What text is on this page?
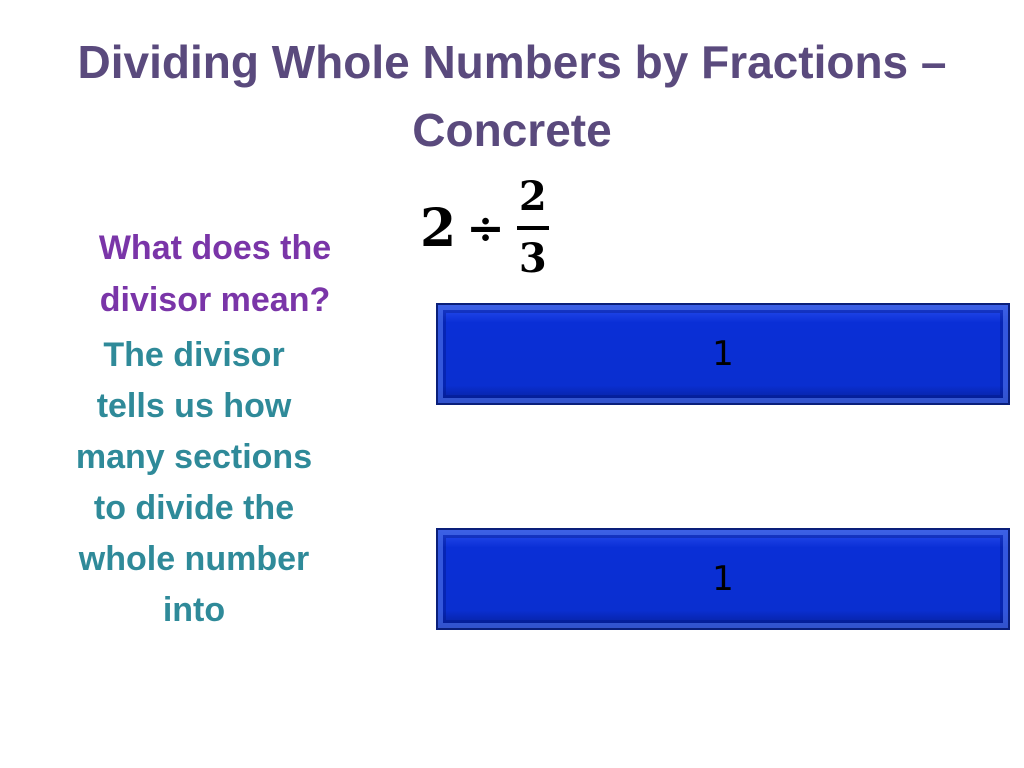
Dividing Whole Numbers by Fractions –
Concrete
$2 \div \frac{2}{3}$
What does the
divisor mean?
The divisor
tells us how
many sections
to divide the
whole number
into
1
1
